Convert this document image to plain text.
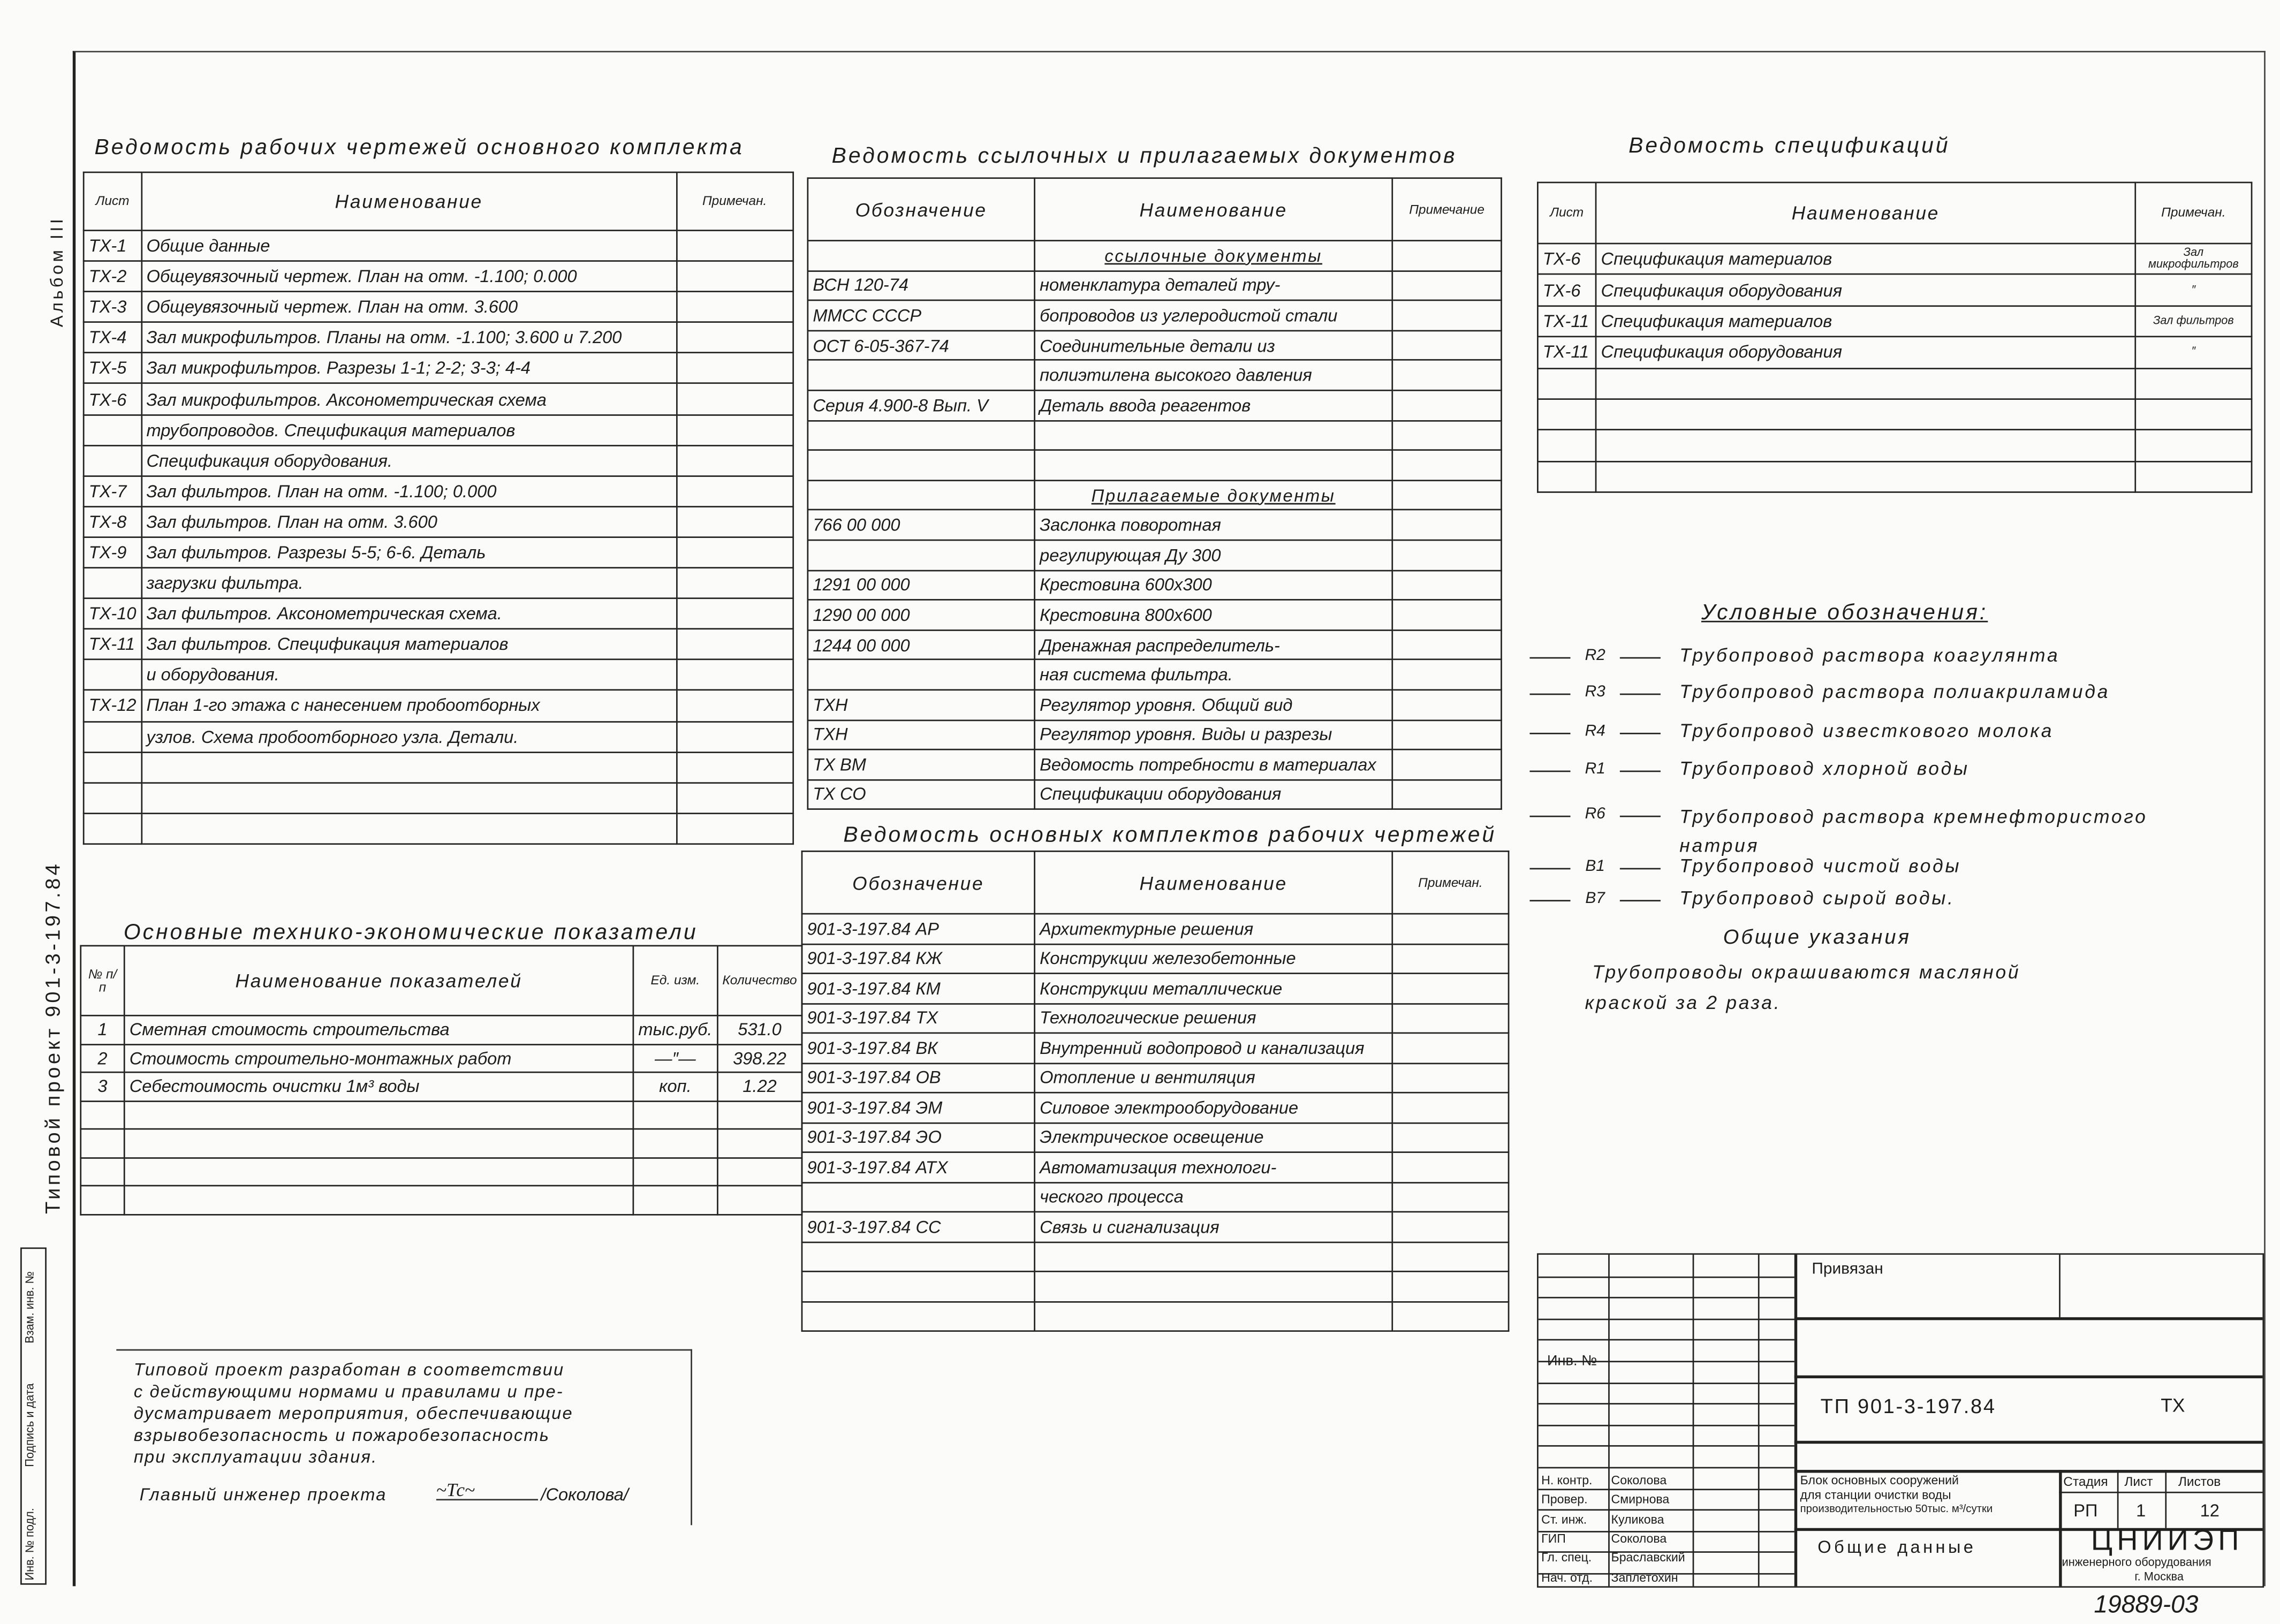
Альбом III
Типовой проект 901-3-197.84
Инв. № подл.
Подпись и дата
Взам. инв. №
Ведомость рабочих чертежей основного комплекта
Лист	Наименование	Примечан.
ТХ-1	Общие данные	
ТХ-2	Общеувязочный чертеж. План на отм. -1.100; 0.000	
ТХ-3	Общеувязочный чертеж. План на отм. 3.600	
ТХ-4	Зал микрофильтров. Планы на отм. -1.100; 3.600 и 7.200	
ТХ-5	Зал микрофильтров. Разрезы 1-1; 2-2; 3-3; 4-4	
ТХ-6	Зал микрофильтров. Аксонометрическая схема	
	трубопроводов. Спецификация материалов	
	Спецификация оборудования.	
ТХ-7	Зал фильтров. План на отм. -1.100; 0.000	
ТХ-8	Зал фильтров. План на отм. 3.600	
ТХ-9	Зал фильтров. Разрезы 5-5; 6-6. Деталь	
	загрузки фильтра.	
ТХ-10	Зал фильтров. Аксонометрическая схема.	
ТХ-11	Зал фильтров. Спецификация материалов	
	и оборудования.	
ТХ-12	План 1-го этажа с нанесением пробоотборных	
	узлов. Схема пробоотборного узла. Детали.	

Ведомость ссылочных и прилагаемых документов
Обозначение	Наименование	Примечание
	ссылочные документы	
ВСН 120-74	номенклатура деталей тру-	
ММСС СССР	бопроводов из углеродистой стали	
ОСТ 6-05-367-74	Соединительные детали из	
	полиэтилена высокого давления	
Серия 4.900-8 Вып. V	Деталь ввода реагентов	

	Прилагаемые документы	
766 00 000	Заслонка поворотная	
	регулирующая Ду 300	
1291 00 000	Крестовина 600х300	
1290 00 000	Крестовина 800х600	
1244 00 000	Дренажная распределитель-	
	ная система фильтра.	
ТХН	Регулятор уровня. Общий вид	
ТХН	Регулятор уровня. Виды и разрезы	
ТХ ВМ	Ведомость потребности в материалах	
ТХ СО	Спецификации оборудования	
Ведомость основных комплектов рабочих чертежей
Обозначение	Наименование	Примечан.
901-3-197.84 АР	Архитектурные решения	
901-3-197.84 КЖ	Конструкции железобетонные	
901-3-197.84 КМ	Конструкции металлические	
901-3-197.84 ТХ	Технологические решения	
901-3-197.84 ВК	Внутренний водопровод и канализация	
901-3-197.84 ОВ	Отопление и вентиляция	
901-3-197.84 ЭМ	Силовое электрооборудование	
901-3-197.84 ЭО	Электрическое освещение	
901-3-197.84 АТХ	Автоматизация технологи-	
	ческого процесса	
901-3-197.84 СС	Связь и сигнализация	

Ведомость спецификаций
Лист	Наименование	Примечан.
ТХ-6	Спецификация материалов	Зал микрофильтров
ТХ-6	Спецификация оборудования	″
ТХ-11	Спецификация материалов	Зал фильтров
ТХ-11	Спецификация оборудования	″

Основные технико-экономические показатели
№ п/п	Наименование показателей	Ед. изм.	Количество
1	Сметная стоимость строительства	тыс.руб.	531.0
2	Стоимость строительно-монтажных работ	—″—	398.22
3	Себестоимость очистки 1м³ воды	коп.	1.22

Условные обозначения:
R2	Трубопровод раствора коагулянта
R3	Трубопровод раствора полиакриламида
R4	Трубопровод известкового молока
R1	Трубопровод хлорной воды
R6	Трубопровод раствора кремнефтористого натрия
B1	Трубопровод чистой воды
B7	Трубопровод сырой воды.
Общие указания
Трубопроводы окрашиваются масляной
краской за 2 раза.
Типовой проект разработан в соответствии
с действующими нормами и правилами и пре-
дусматривает мероприятия, обеспечивающие
взрывобезопасность и пожаробезопасность
при эксплуатации здания.
Главный инженер проекта	~Тс~	/Соколова/
Н. контр.	Соколова
Провер.	Смирнова
Ст. инж.	Куликова
ГИП	Соколова
Гл. спец.	Браславский
Нач. отд.	Заплетохин
Привязан
Инв. №
ТП 901-3-197.84	ТХ
Блок основных сооружений
для станции очистки воды
производительностью 50тыс. м³/сутки
Общие данные
Стадия	Лист	Листов
РП	1	12
ЦНИИЭП
инженерного оборудования
г. Москва
19889-03
